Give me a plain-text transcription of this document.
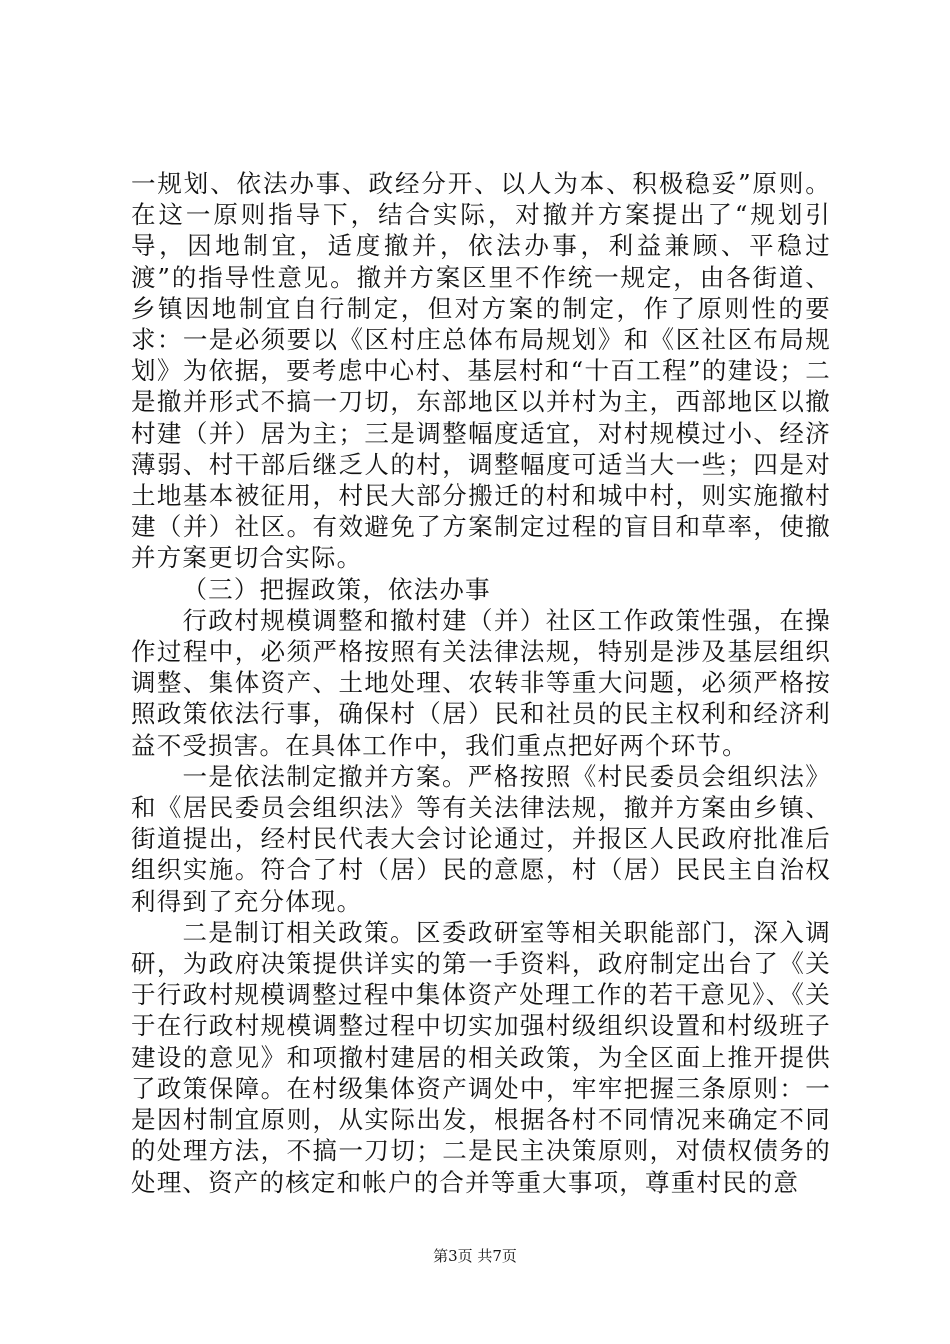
一规划、依法办事、政经分开、以人为本、积极稳妥”原则。在这一原则指导下，结合实际，对撤并方案提出了“规划引导，因地制宜，适度撤并，依法办事，利益兼顾、平稳过渡”的指导性意见。撤并方案区里不作统一规定，由各街道、乡镇因地制宜自行制定，但对方案的制定，作了原则性的要求：一是必须要以《区村庄总体布局规划》和《区社区布局规划》为依据，要考虑中心村、基层村和“十百工程”的建设；二是撤并形式不搞一刀切，东部地区以并村为主，西部地区以撤村建（并）居为主；三是调整幅度适宜，对村规模过小、经济薄弱、村干部后继乏人的村，调整幅度可适当大一些；四是对土地基本被征用，村民大部分搬迁的村和城中村，则实施撤村建（并）社区。有效避免了方案制定过程的盲目和草率，使撤并方案更切合实际。

（三）把握政策，依法办事

行政村规模调整和撤村建（并）社区工作政策性强，在操作过程中，必须严格按照有关法律法规，特别是涉及基层组织调整、集体资产、土地处理、农转非等重大问题，必须严格按照政策依法行事，确保村（居）民和社员的民主权利和经济利益不受损害。在具体工作中，我们重点把好两个环节。

一是依法制定撤并方案。严格按照《村民委员会组织法》和《居民委员会组织法》等有关法律法规，撤并方案由乡镇、街道提出，经村民代表大会讨论通过，并报区人民政府批准后组织实施。符合了村（居）民的意愿，村（居）民民主自治权利得到了充分体现。

二是制订相关政策。区委政研室等相关职能部门，深入调研，为政府决策提供详实的第一手资料，政府制定出台了《关于行政村规模调整过程中集体资产处理工作的若干意见》、《关于在行政村规模调整过程中切实加强村级组织设置和村级班子建设的意见》和项撤村建居的相关政策，为全区面上推开提供了政策保障。在村级集体资产调处中，牢牢把握三条原则：一是因村制宜原则，从实际出发，根据各村不同情况来确定不同的处理方法，不搞一刀切；二是民主决策原则，对债权债务的处理、资产的核定和帐户的合并等重大事项，尊重村民的意

第3页 共7页
